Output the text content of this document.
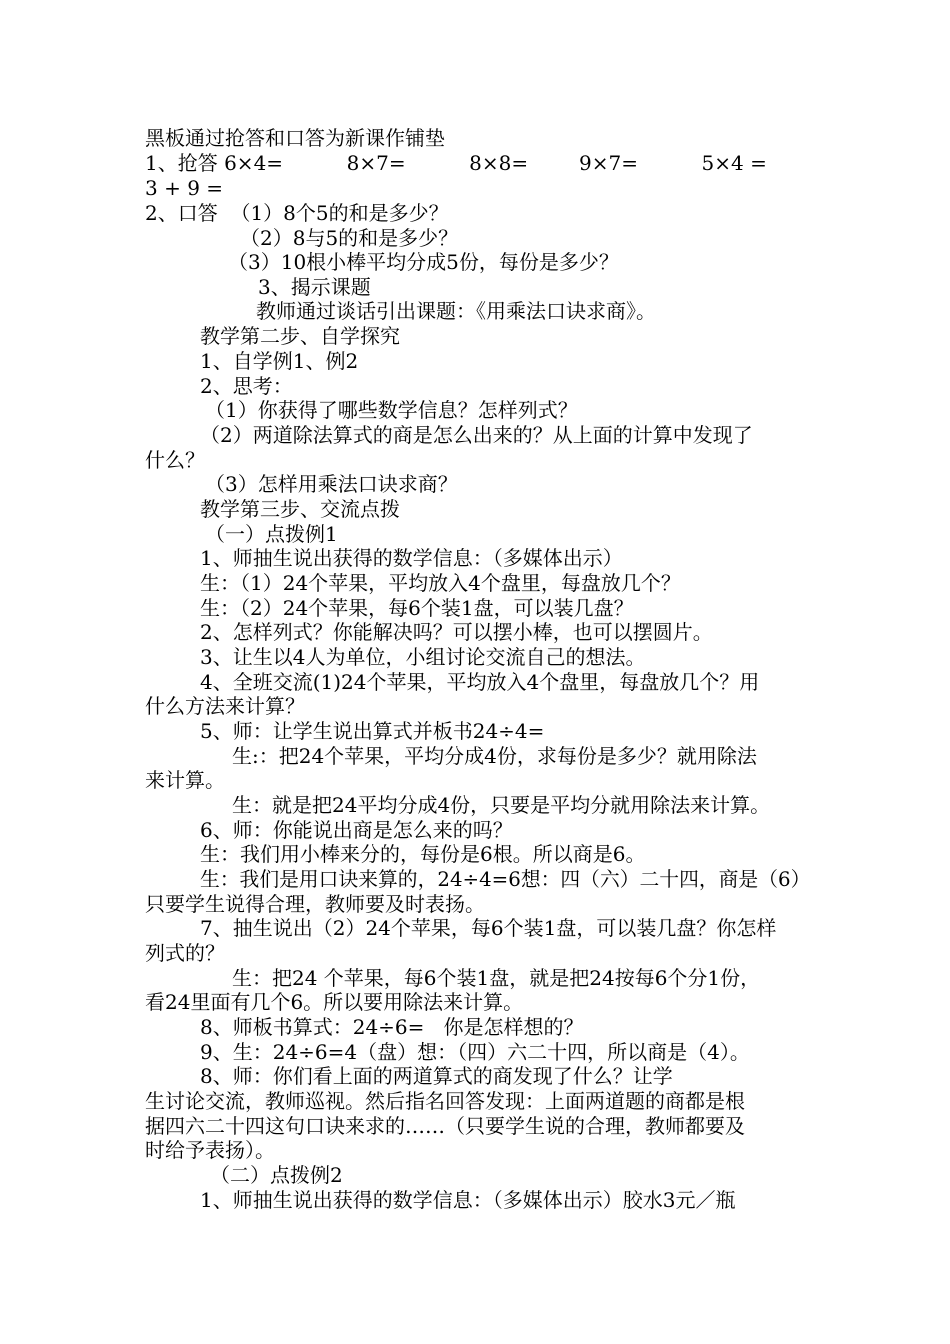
黑板通过抢答和口答为新课作铺垫
1、抢答 6×4=          8×7=          8×8=        9×7=          5×4 =
3 + 9 =
2、口答  （1）8个5的和是多少？
（2）8与5的和是多少？
（3）10根小棒平均分成5份，每份是多少？
3、揭示课题
教师通过谈话引出课题：《用乘法口诀求商》。
教学第二步、自学探究
1、自学例1、例2
2、思考：
（1）你获得了哪些数学信息？怎样列式？
（2）两道除法算式的商是怎么出来的？从上面的计算中发现了
什么？
（3）怎样用乘法口诀求商？
教学第三步、交流点拨
（一）点拨例1
1、师抽生说出获得的数学信息：（多媒体出示）
生：（1）24个苹果，平均放入4个盘里，每盘放几个？
生：（2）24个苹果，每6个装1盘，可以装几盘？
2、怎样列式？你能解决吗？可以摆小棒，也可以摆圆片。
3、让生以4人为单位，小组讨论交流自己的想法。
4、全班交流(1)24个苹果，平均放入4个盘里，每盘放几个？用
什么方法来计算？
5、师：让学生说出算式并板书24÷4=
生:：把24个苹果，平均分成4份，求每份是多少？就用除法
来计算。
生：就是把24平均分成4份，只要是平均分就用除法来计算。
6、师：你能说出商是怎么来的吗？
生：我们用小棒来分的，每份是6根。所以商是6。
生：我们是用口诀来算的，24÷4=6想：四（六）二十四，商是（6）
只要学生说得合理，教师要及时表扬。
7、抽生说出（2）24个苹果，每6个装1盘，可以装几盘？你怎样
列式的？
生：把24 个苹果，每6个装1盘，就是把24按每6个分1份，
看24里面有几个6。所以要用除法来计算。
8、师板书算式：24÷6=   你是怎样想的？
9、生：24÷6=4（盘）想：（四）六二十四，所以商是（4）。
8、师：你们看上面的两道算式的商发现了什么？让学
生讨论交流，教师巡视。然后指名回答发现：上面两道题的商都是根
据四六二十四这句口诀来求的……（只要学生说的合理，教师都要及
时给予表扬）。
（二）点拨例2
1、师抽生说出获得的数学信息：（多媒体出示）胶水3元／瓶
